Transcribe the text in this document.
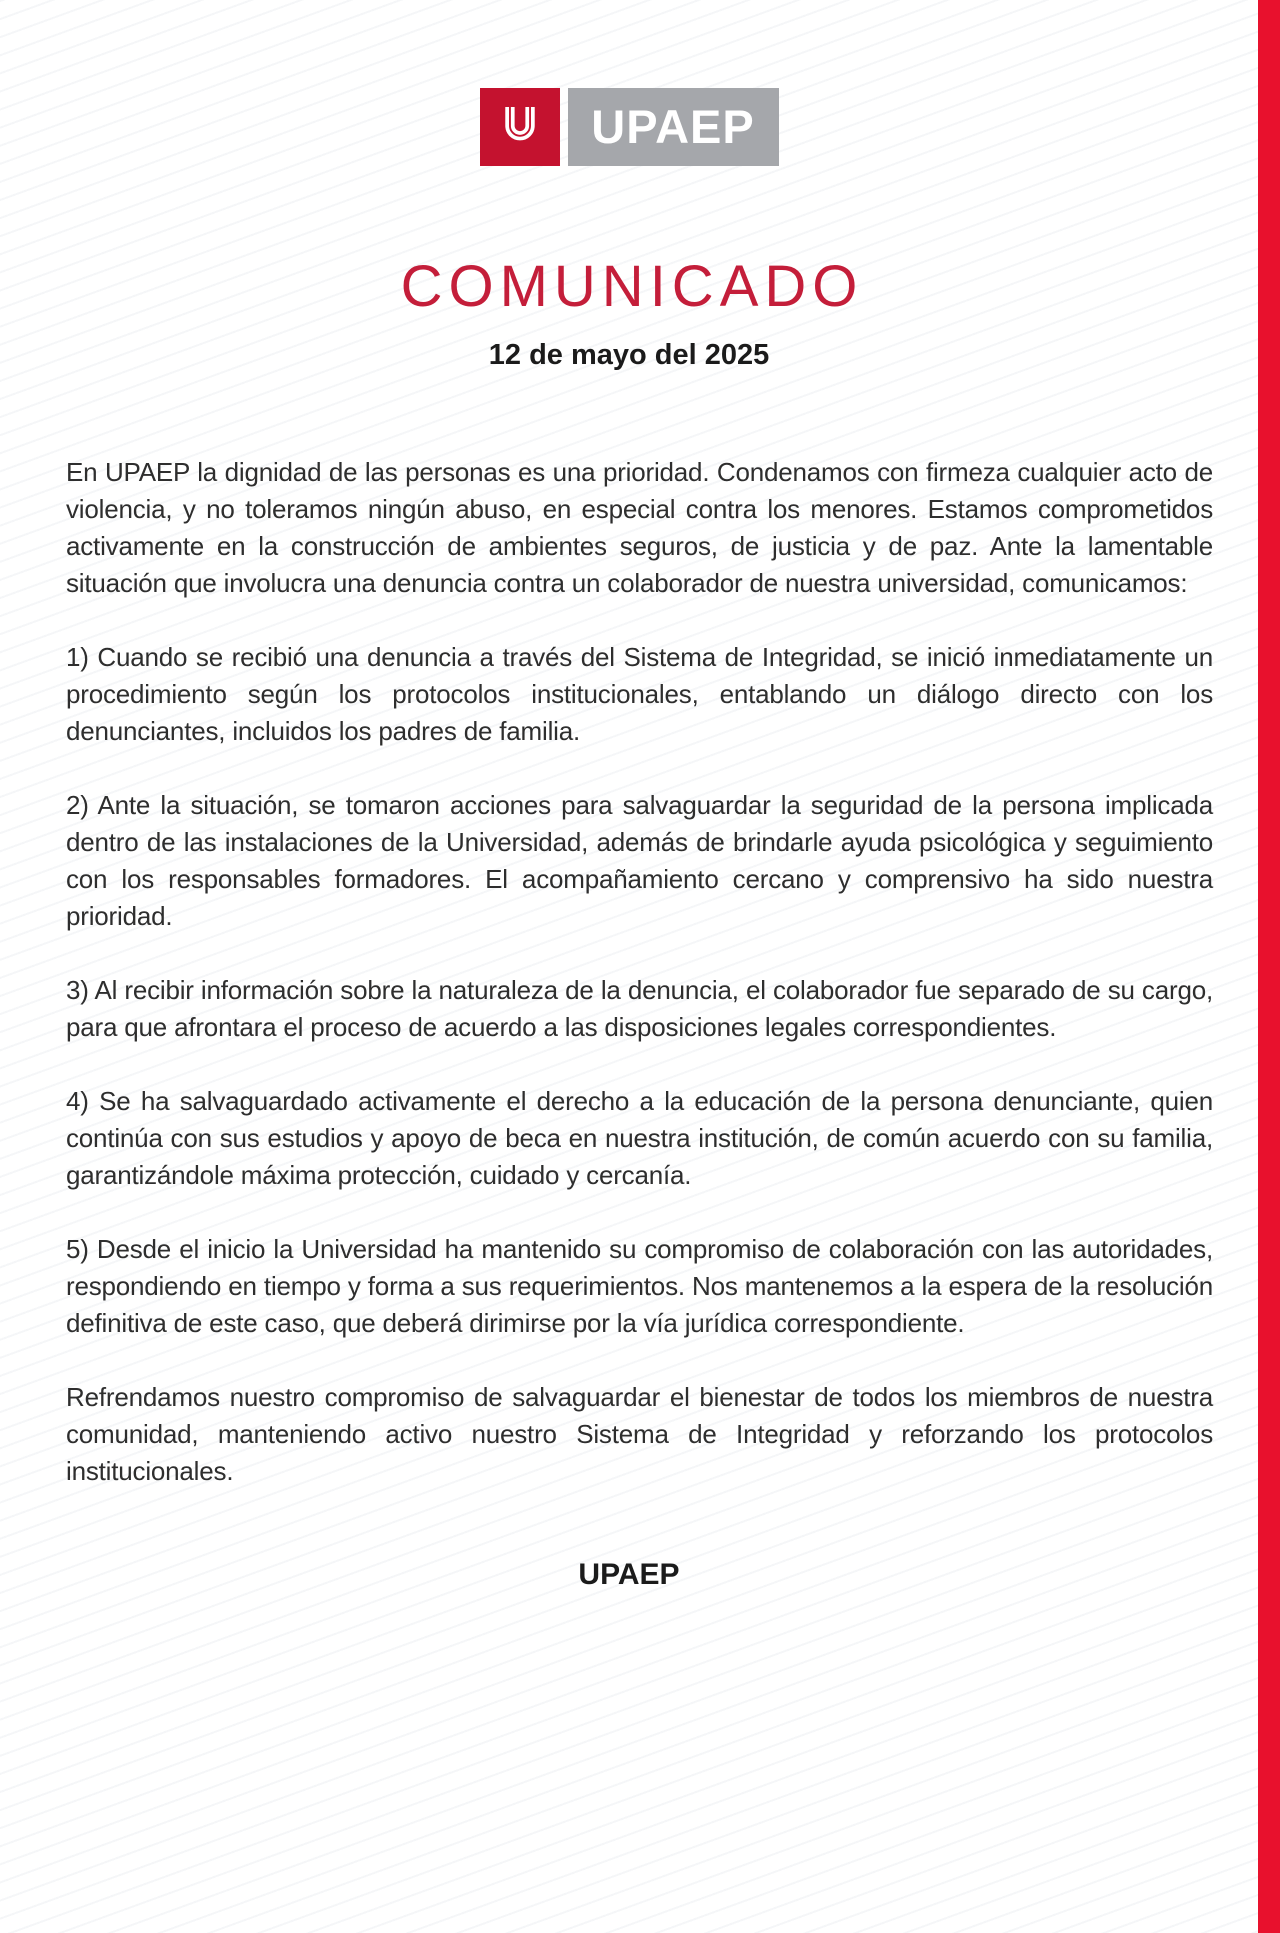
UPAEP
COMUNICADO
12 de mayo del 2025

En UPAEP la dignidad de las personas es una prioridad. Condenamos con firmeza cualquier acto de violencia, y no toleramos ningún abuso, en especial contra los menores. Estamos comprometidos activamente en la construcción de ambientes seguros, de justicia y de paz. Ante la lamentable situación que involucra una denuncia contra un colaborador de nuestra universidad, comunicamos:

1) Cuando se recibió una denuncia a través del Sistema de Integridad, se inició inmediatamente un procedimiento según los protocolos institucionales, entablando un diálogo directo con los denunciantes, incluidos los padres de familia.

2) Ante la situación, se tomaron acciones para salvaguardar la seguridad de la persona implicada dentro de las instalaciones de la Universidad, además de brindarle ayuda psicológica y seguimiento con los responsables formadores. El acompañamiento cercano y comprensivo ha sido nuestra prioridad.

3) Al recibir información sobre la naturaleza de la denuncia, el colaborador fue separado de su cargo, para que afrontara el proceso de acuerdo a las disposiciones legales correspondientes.

4) Se ha salvaguardado activamente el derecho a la educación de la persona denunciante, quien continúa con sus estudios y apoyo de beca en nuestra institución, de común acuerdo con su familia, garantizándole máxima protección, cuidado y cercanía.

5) Desde el inicio la Universidad ha mantenido su compromiso de colaboración con las autoridades, respondiendo en tiempo y forma a sus requerimientos. Nos mantenemos a la espera de la resolución definitiva de este caso, que deberá dirimirse por la vía jurídica correspondiente.

Refrendamos nuestro compromiso de salvaguardar el bienestar de todos los miembros de nuestra comunidad, manteniendo activo nuestro Sistema de Integridad y reforzando los protocolos institucionales.

UPAEP
